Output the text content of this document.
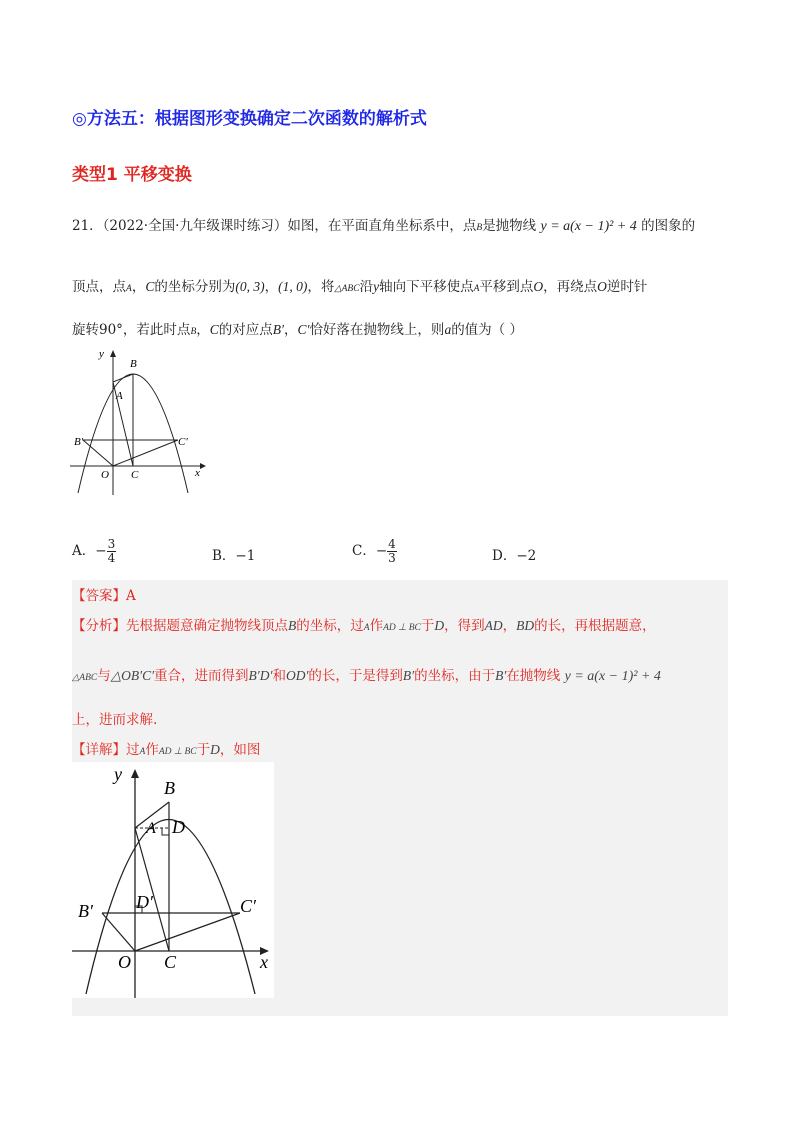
◎方法五：根据图形变换确定二次函数的解析式
类型1 平移变换
21．（2022·全国·九年级课时练习）如图，在平面直角坐标系中，点B是抛物线 y = a(x − 1)² + 4 的图象的
顶点，点A，C的坐标分别为(0, 3)，(1, 0)，将△ABC沿y轴向下平移使点A平移到点O，再绕点O逆时针
旋转90°，若此时点B，C的对应点B′，C′恰好落在抛物线上，则a的值为（ ）
y
B
A
B′	C′
O C	x
A．− $\frac{3}{4}$	B．−1	C．− $\frac{4}{3}$	D．−2
【答案】A
【分析】先根据题意确定抛物线顶点B的坐标，过A作AD ⊥ BC于D，得到AD，BD的长，再根据题意，
△ABC与△OB′C′重合，进而得到B′D′和OD′的长，于是得到B′的坐标，由于B′在抛物线 y = a(x − 1)² + 4
上，进而求解.
【详解】过A作AD ⊥ BC于D，如图
y
B
A D
D′
B′	C′
O C	x
